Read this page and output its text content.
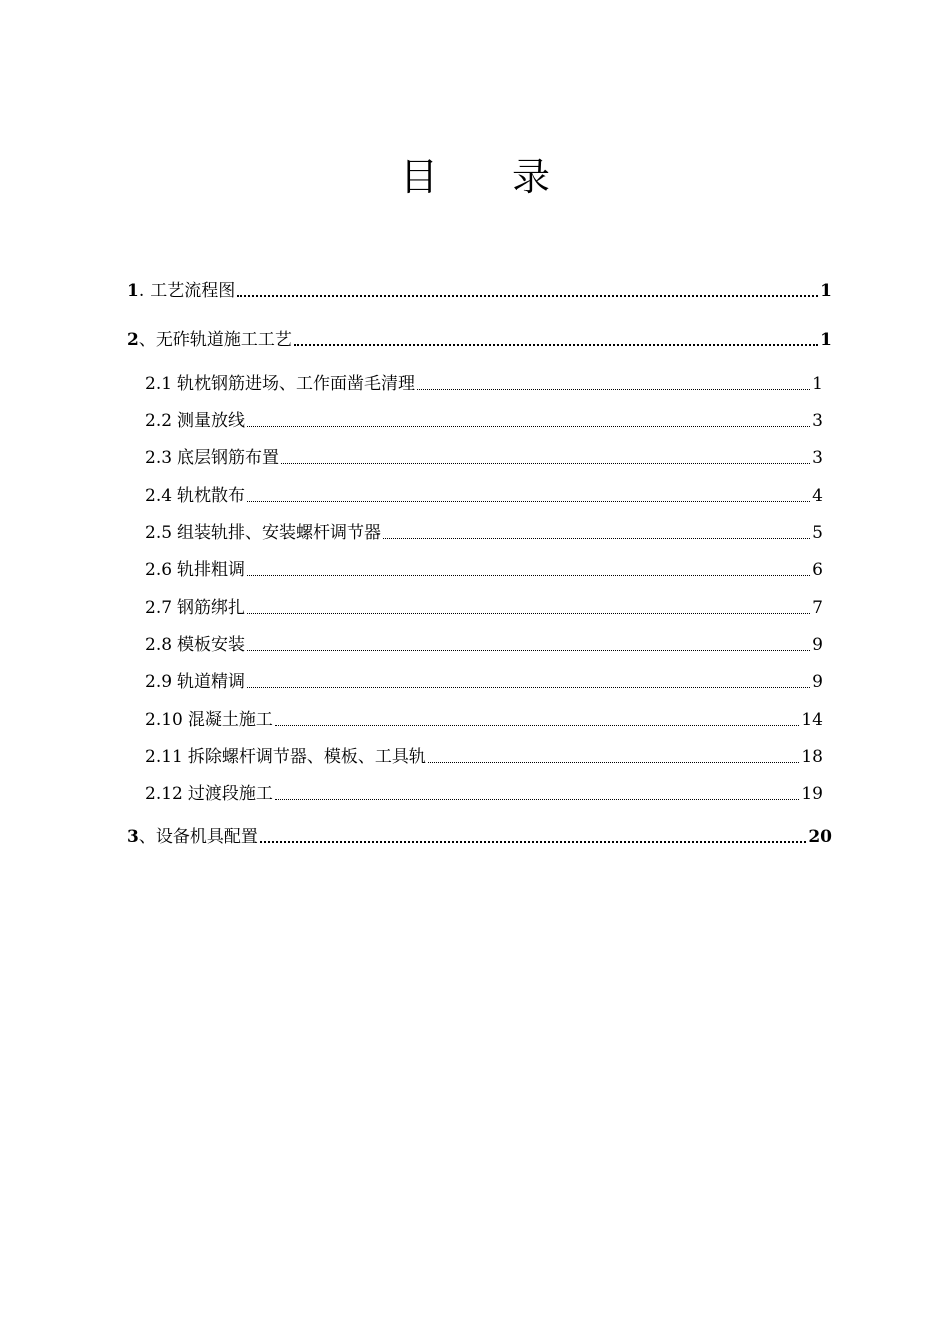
目 录
1 . 工艺流程图	1
2 、 无砟轨道施工工艺	1
2.1 轨枕钢筋进场、工作面凿毛清理	1
2.2 测量放线	3
2.3 底层钢筋布置	3
2.4 轨枕散布	4
2.5 组装轨排、安装螺杆调节器	5
2.6 轨排粗调	6
2.7 钢筋绑扎	7
2.8 模板安装	9
2.9 轨道精调	9
2.10 混凝土施工	14
2.11 拆除螺杆调节器、模板、工具轨	18
2.12 过渡段施工	19
3 、 设备机具配置	20
